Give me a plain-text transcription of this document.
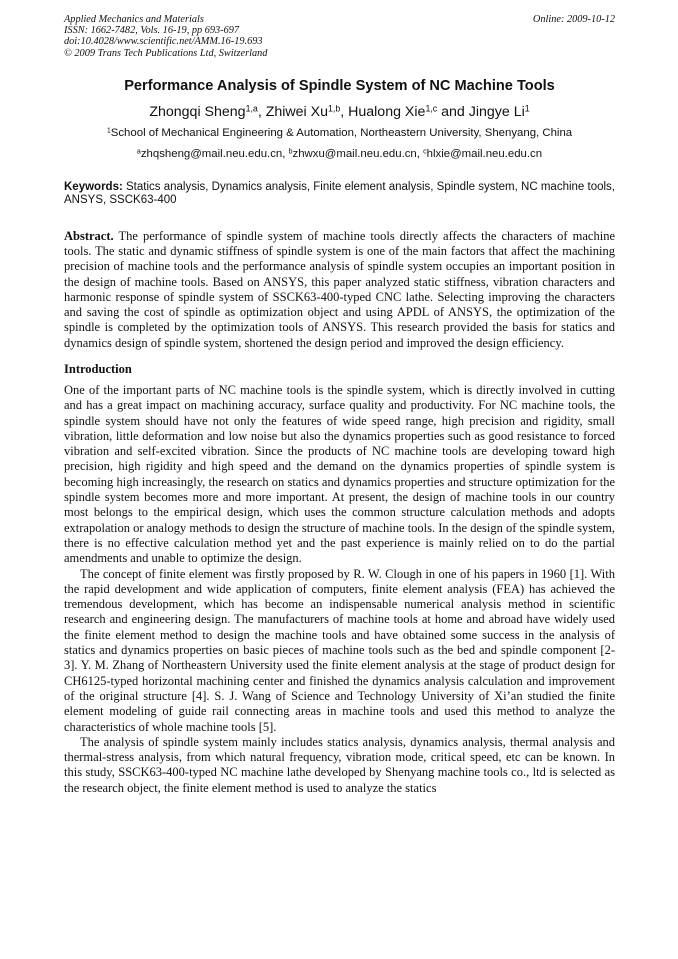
Applied Mechanics and Materials
ISSN: 1662-7482, Vols. 16-19, pp 693-697
doi:10.4028/www.scientific.net/AMM.16-19.693
© 2009 Trans Tech Publications Ltd, Switzerland
Online: 2009-10-12
Performance Analysis of Spindle System of NC Machine Tools
Zhongqi Sheng$^{1,a}$, Zhiwei Xu$^{1,b}$, Hualong Xie$^{1,c}$ and Jingye Li$^1$
$^1$School of Mechanical Engineering & Automation, Northeastern University, Shenyang, China
$^a$zhqsheng@mail.neu.edu.cn, $^b$zhwxu@mail.neu.edu.cn, $^c$hlxie@mail.neu.edu.cn
Keywords: Statics analysis, Dynamics analysis, Finite element analysis, Spindle system, NC machine tools, ANSYS, SSCK63-400
Abstract. The performance of spindle system of machine tools directly affects the characters of machine tools. The static and dynamic stiffness of spindle system is one of the main factors that affect the machining precision of machine tools and the performance analysis of spindle system occupies an important position in the design of machine tools. Based on ANSYS, this paper analyzed static stiffness, vibration characters and harmonic response of spindle system of SSCK63-400-typed CNC lathe. Selecting improving the characters and saving the cost of spindle as optimization object and using APDL of ANSYS, the optimization of the spindle is completed by the optimization tools of ANSYS. This research provided the basis for statics and dynamics design of spindle system, shortened the design period and improved the design efficiency.
Introduction

One of the important parts of NC machine tools is the spindle system, which is directly involved in cutting and has a great impact on machining accuracy, surface quality and productivity. For NC machine tools, the spindle system should have not only the features of wide speed range, high precision and rigidity, small vibration, little deformation and low noise but also the dynamics properties such as good resistance to forced vibration and self-excited vibration. Since the products of NC machine tools are developing toward high precision, high rigidity and high speed and the demand on the dynamics properties of spindle system is becoming high increasingly, the research on statics and dynamics properties and structure optimization for the spindle system becomes more and more important. At present, the design of machine tools in our country most belongs to the empirical design, which uses the common structure calculation methods and adopts extrapolation or analogy methods to design the structure of machine tools. In the design of the spindle system, there is no effective calculation method yet and the past experience is mainly relied on to do the partial amendments and unable to optimize the design.

The concept of finite element was firstly proposed by R. W. Clough in one of his papers in 1960 [1]. With the rapid development and wide application of computers, finite element analysis (FEA) has achieved the tremendous development, which has become an indispensable numerical analysis method in scientific research and engineering design. The manufacturers of machine tools at home and abroad have widely used the finite element method to design the machine tools and have obtained some success in the analysis of statics and dynamics properties on basic pieces of machine tools such as the bed and spindle component [2-3]. Y. M. Zhang of Northeastern University used the finite element analysis at the stage of product design for CH6125-typed horizontal machining center and finished the dynamics analysis calculation and improvement of the original structure [4]. S. J. Wang of Science and Technology University of Xi’an studied the finite element modeling of guide rail connecting areas in machine tools and used this method to analyze the characteristics of whole machine tools [5].

The analysis of spindle system mainly includes statics analysis, dynamics analysis, thermal analysis and thermal-stress analysis, from which natural frequency, vibration mode, critical speed, etc can be known. In this study, SSCK63-400-typed NC machine lathe developed by Shenyang machine tools co., ltd is selected as the research object, the finite element method is used to analyze the statics
